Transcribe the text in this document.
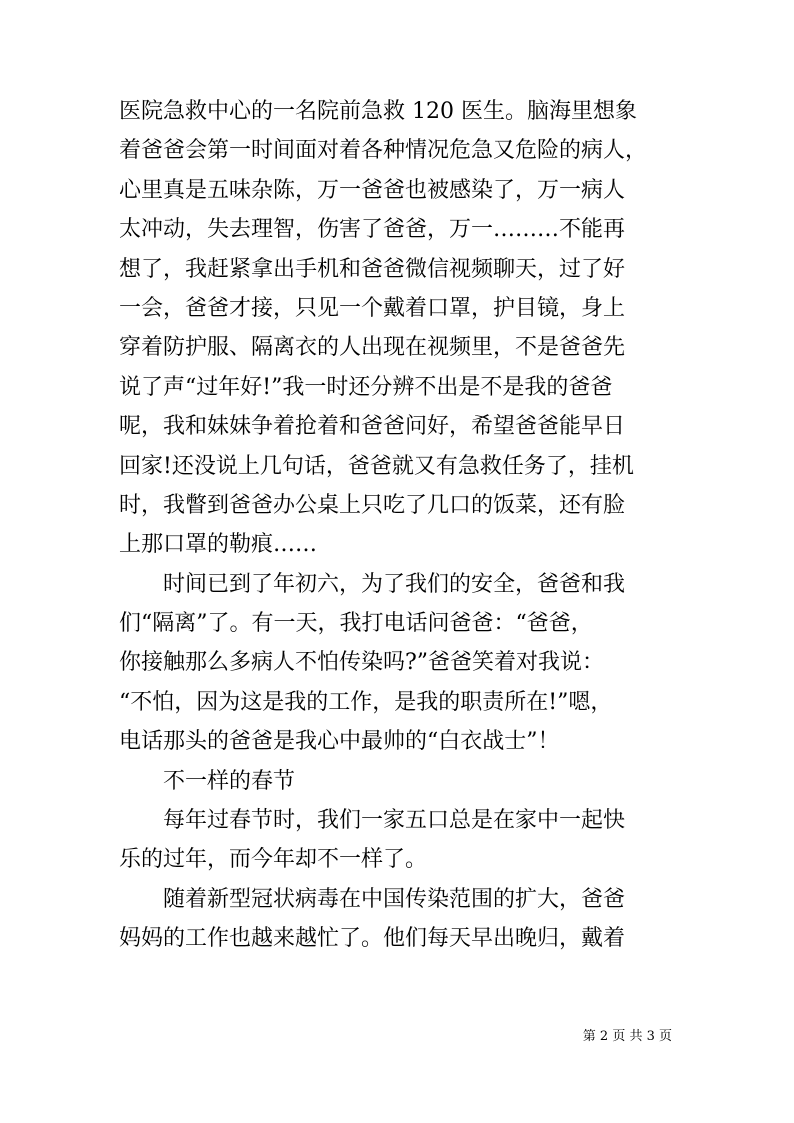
医院急救中心的一名院前急救 120 医生。脑海里想象
着爸爸会第一时间面对着各种情况危急又危险的病人，
心里真是五味杂陈，万一爸爸也被感染了，万一病人
太冲动，失去理智，伤害了爸爸，万一………不能再
想了，我赶紧拿出手机和爸爸微信视频聊天，过了好
一会，爸爸才接，只见一个戴着口罩，护目镜，身上
穿着防护服、隔离衣的人出现在视频里，不是爸爸先
说了声“过年好!”我一时还分辨不出是不是我的爸爸
呢，我和妹妹争着抢着和爸爸问好，希望爸爸能早日
回家!还没说上几句话，爸爸就又有急救任务了，挂机
时，我瞥到爸爸办公桌上只吃了几口的饭菜，还有脸
上那口罩的勒痕……
时间已到了年初六，为了我们的安全，爸爸和我
们“隔离”了。有一天，我打电话问爸爸：“爸爸，
你接触那么多病人不怕传染吗?”爸爸笑着对我说：
“不怕，因为这是我的工作，是我的职责所在!”嗯，
电话那头的爸爸是我心中最帅的“白衣战士”！
不一样的春节
每年过春节时，我们一家五口总是在家中一起快
乐的过年，而今年却不一样了。
随着新型冠状病毒在中国传染范围的扩大，爸爸
妈妈的工作也越来越忙了。他们每天早出晚归，戴着
第 2 页 共 3 页
